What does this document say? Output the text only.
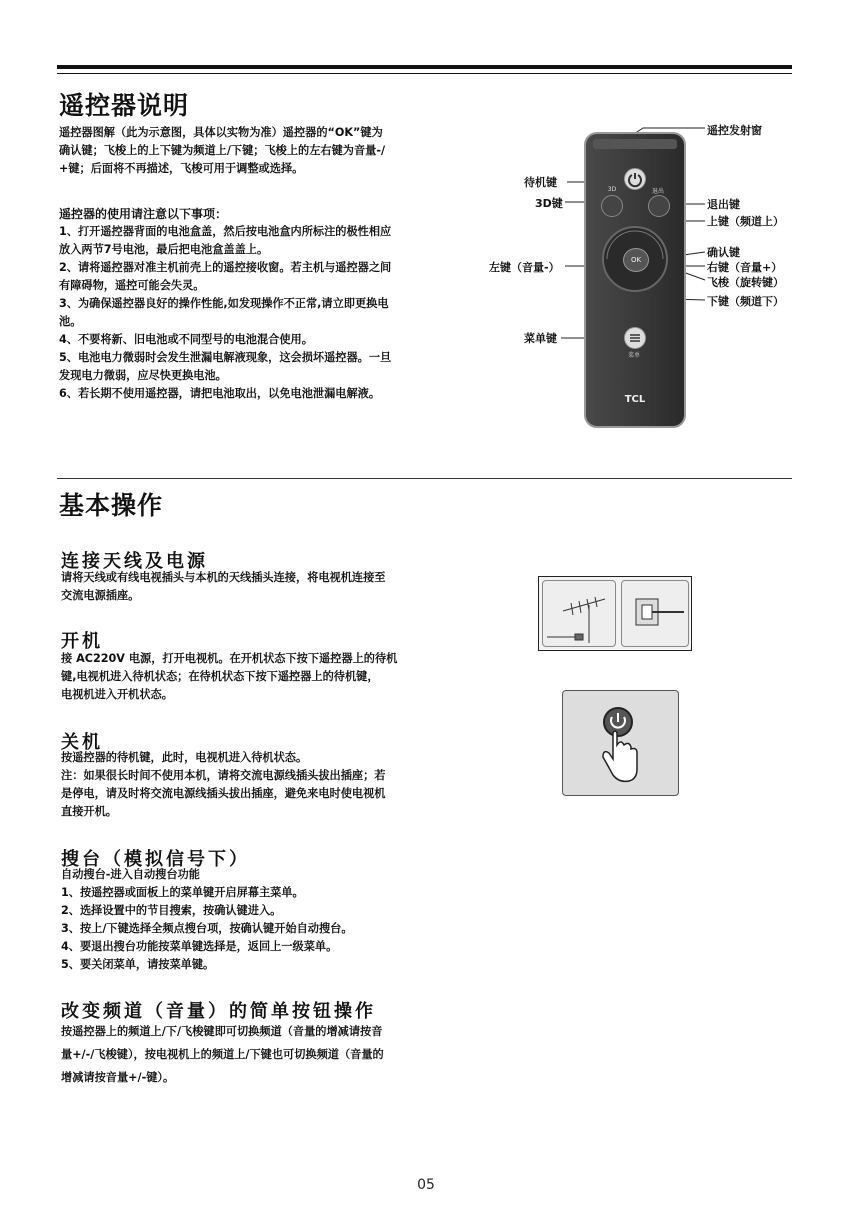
遥控器说明

遥控器图解（此为示意图，具体以实物为准）遥控器的“OK”键为

确认键；飞梭上的上下键为频道上/下键；飞梭上的左右键为音量-/

+键；后面将不再描述，飞梭可用于调整或选择。

遥控器的使用请注意以下事项：

1、打开遥控器背面的电池盒盖，然后按电池盒内所标注的极性相应

放入两节7号电池，最后把电池盒盖盖上。

2、请将遥控器对准主机前壳上的遥控接收窗。若主机与遥控器之间

有障碍物，遥控可能会失灵。

3、为确保遥控器良好的操作性能,如发现操作不正常,请立即更换电

池。

4、不要将新、旧电池或不同型号的电池混合使用。

5、电池电力微弱时会发生泄漏电解液现象，这会损坏遥控器。一旦

发现电力微弱，应尽快更换电池。

6、若长期不使用遥控器，请把电池取出，以免电池泄漏电解液。

3D	退出
OK
菜单
TCL
遥控发射窗
待机键
3D键	退出键
上键（频道上）
确认键
左键（音量-）	右键（音量+）
飞梭（旋转键）
下键（频道下）
菜单键
基本操作
连接天线及电源

请将天线或有线电视插头与本机的天线插头连接，将电视机连接至

交流电源插座。

开机

接 AC220V 电源，打开电视机。在开机状态下按下遥控器上的待机

键,电视机进入待机状态；在待机状态下按下遥控器上的待机键，

电视机进入开机状态。

关机

按遥控器的待机键，此时，电视机进入待机状态。

注：如果很长时间不使用本机，请将交流电源线插头拔出插座；若

是停电，请及时将交流电源线插头拔出插座，避免来电时使电视机

直接开机。

搜台（模拟信号下）

自动搜台-进入自动搜台功能

1、按遥控器或面板上的菜单键开启屏幕主菜单。

2、选择设置中的节目搜索，按确认键进入。

3、按上/下键选择全频点搜台项，按确认键开始自动搜台。

4、要退出搜台功能按菜单键选择是，返回上一级菜单。

5、要关闭菜单，请按菜单键。

改变频道（音量）的简单按钮操作

按遥控器上的频道上/下/飞梭键即可切换频道（音量的增减请按音

量+/-/飞梭键），按电视机上的频道上/下键也可切换频道（音量的

增减请按音量+/-键）。

05
